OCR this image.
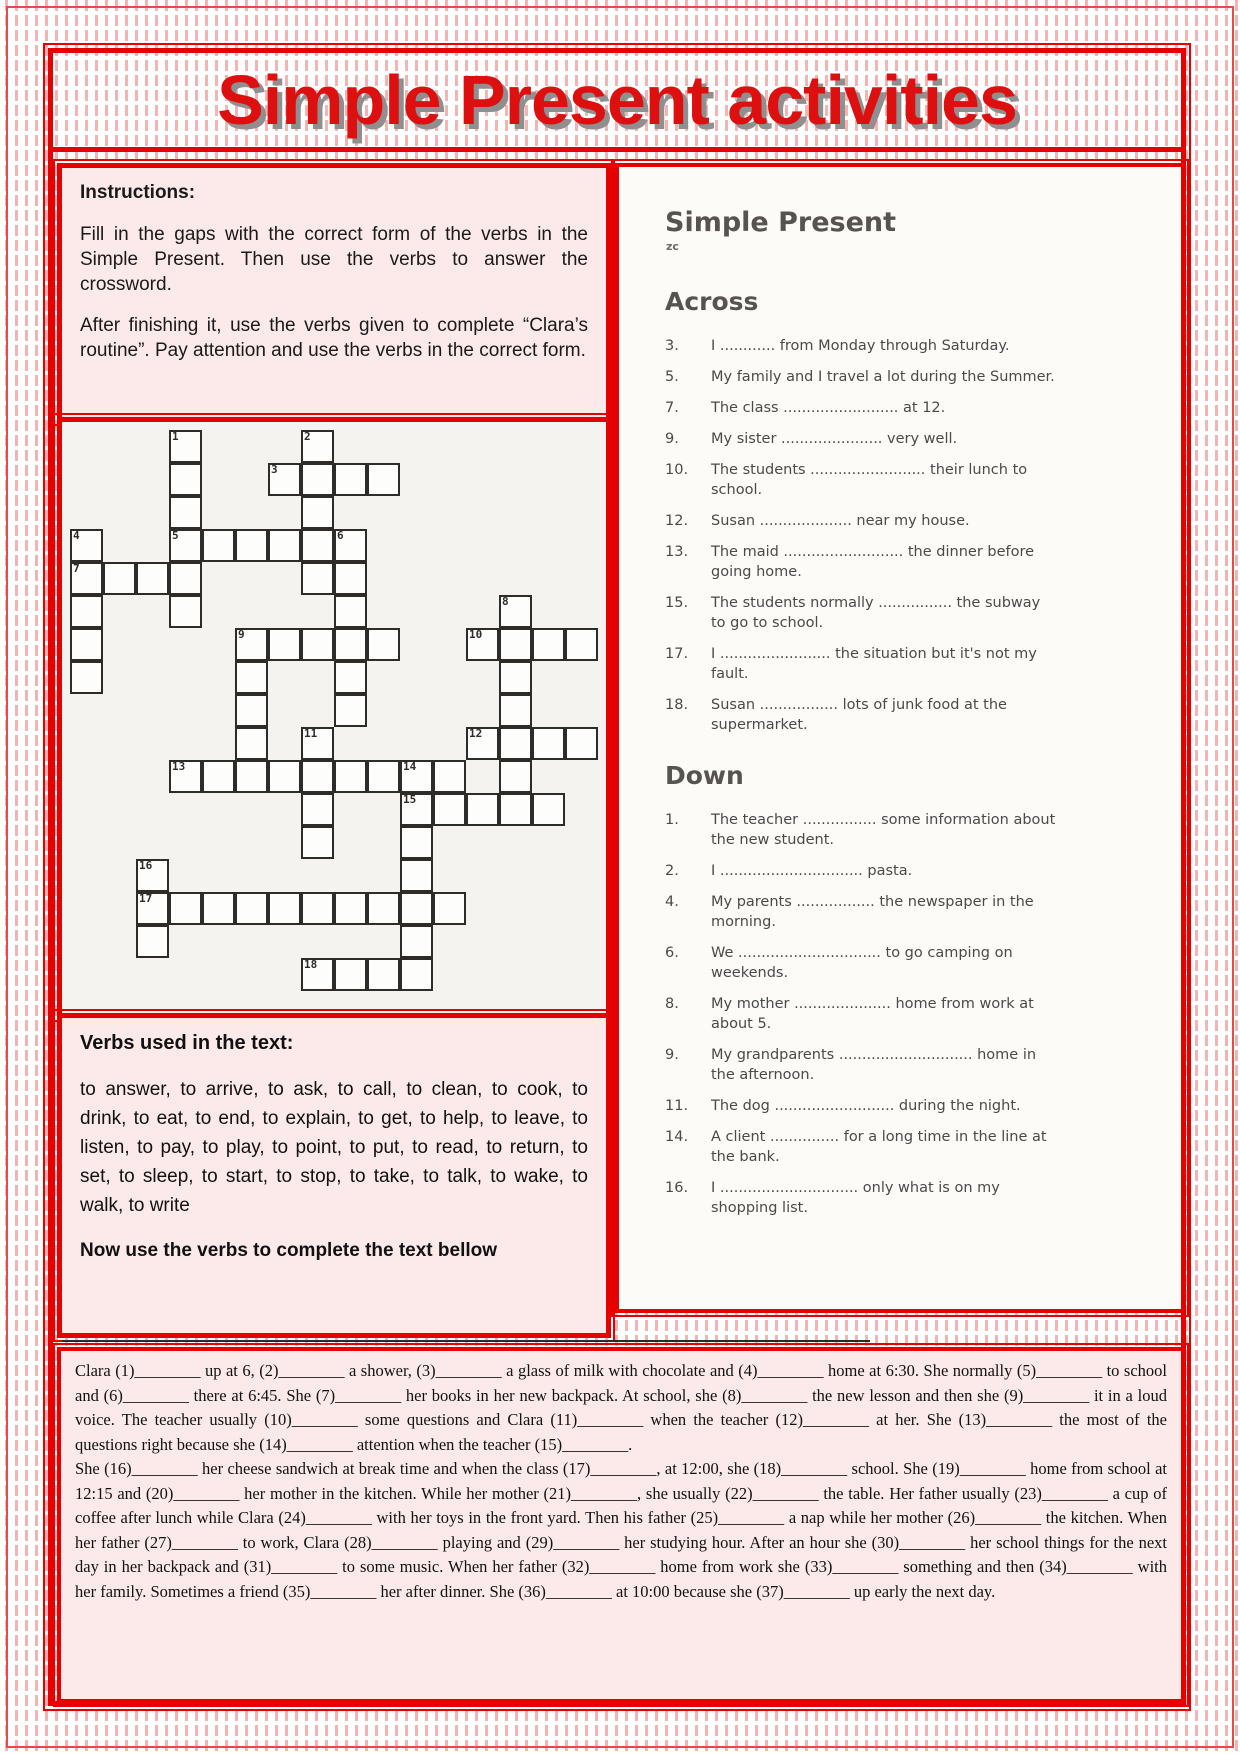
Simple Present activities
Instructions:

Fill in the gaps with the correct form of the verbs in the Simple Present. Then use the verbs to answer the crossword.

After finishing it, use the verbs given to complete “Clara’s routine”. Pay attention and use the verbs in the correct form.

3
5	6
7
9	10
12
13	14
15
17
18
1	2
4
8
11
16
Simple Present
zc
Across
3.	I ............ from Monday through Saturday.
5.	My family and I travel a lot during the Summer.
7.	The class ......................... at 12.
9.	My sister ...................... very well.
10.	The students ......................... their lunch to school.
12.	Susan .................... near my house.
13.	The maid .......................... the dinner before going home.
15.	The students normally ................ the subway to go to school.
17.	I ........................ the situation but it's not my fault.
18.	Susan ................. lots of junk food at the supermarket.
Down
1.	The teacher ................ some information about the new student.
2.	I ............................... pasta.
4.	My parents ................. the newspaper in the morning.
6.	We ............................... to go camping on weekends.
8.	My mother ..................... home from work at about 5.
9.	My grandparents ............................. home in the afternoon.
11.	The dog .......................... during the night.
14.	A client ............... for a long time in the line at the bank.
16.	I .............................. only what is on my shopping list.
Verbs used in the text:
to answer, to arrive, to ask, to call, to clean, to cook, to drink, to eat, to end, to explain, to get, to help, to leave, to listen, to pay, to play, to point, to put, to read, to return, to set, to sleep, to start, to stop, to take, to talk, to wake, to walk, to write
Now use the verbs to complete the text bellow

Clara (1)________ up at 6, (2)________ a shower, (3)________ a glass of milk with chocolate and (4)________ home at 6:30. She normally (5)________ to school and (6)________ there at 6:45. She (7)________ her books in her new backpack. At school, she (8)________ the new lesson and then she (9)________ it in a loud voice. The teacher usually (10)________ some questions and Clara (11)________ when the teacher (12)________ at her. She (13)________ the most of the questions right because she (14)________ attention when the teacher (15)________.

She (16)________ her cheese sandwich at break time and when the class (17)________, at 12:00, she (18)________ school. She (19)________ home from school at 12:15 and (20)________ her mother in the kitchen. While her mother (21)________, she usually (22)________ the table. Her father usually (23)________ a cup of coffee after lunch while Clara (24)________ with her toys in the front yard. Then his father (25)________ a nap while her mother (26)________ the kitchen. When her father (27)________ to work, Clara (28)________ playing and (29)________ her studying hour. After an hour she (30)________ her school things for the next day in her backpack and (31)________ to some music. When her father (32)________ home from work she (33)________ something and then (34)________ with her family. Sometimes a friend (35)________ her after dinner. She (36)________ at 10:00 because she (37)________ up early the next day.
